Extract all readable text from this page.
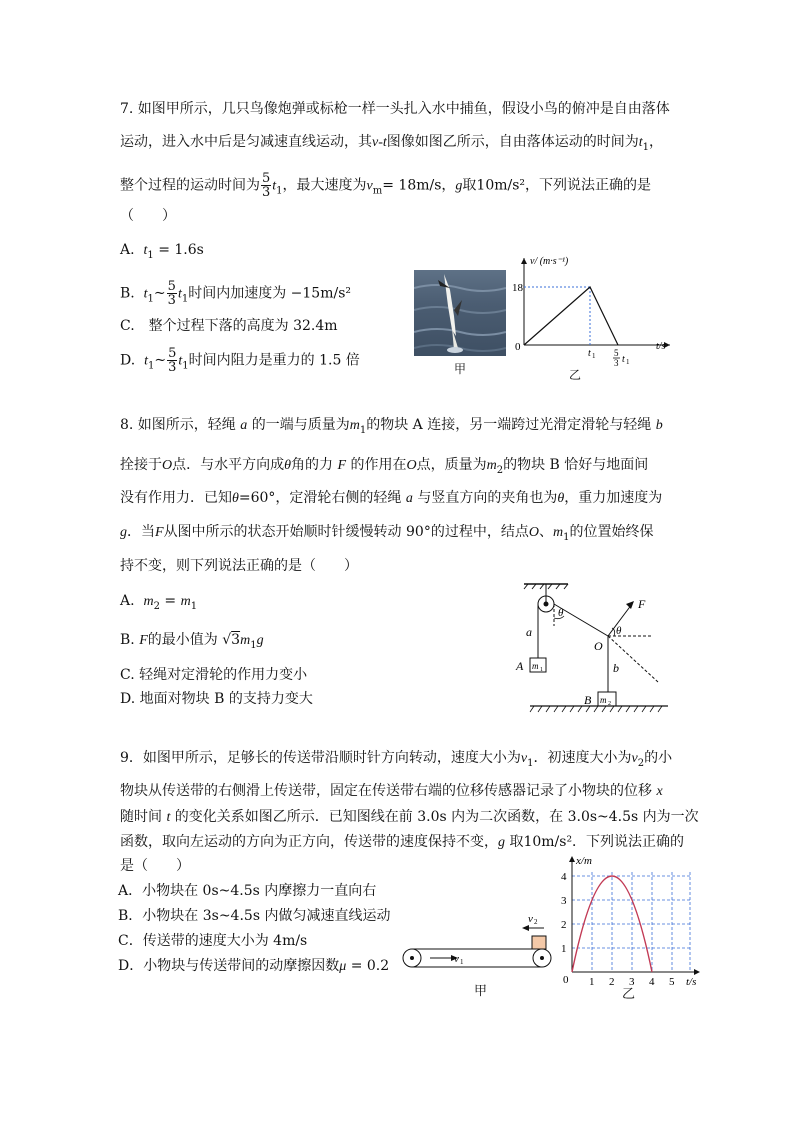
7. 如图甲所示，几只鸟像炮弹或标枪一样一头扎入水中捕鱼，假设小鸟的俯冲是自由落体
运动，进入水中后是匀减速直线运动，其v-t图像如图乙所示，自由落体运动的时间为$t_1$，
整个过程的运动时间为 $\frac{5}{3} t_1$，最大速度为$v_m= 18m/s$，g取10m/s²，下列说法正确的是
（　　）
A. $t_1 = 1.6s$
B. $t_1\sim \frac{5}{3} t_1$时间内加速度为 −15m/s²
C.　整个过程下落的高度为 32.4m
D. $t_1\sim \frac{5}{3} t_1$时间内阻力是重力的 1.5 倍
甲
v/ (m·s⁻¹)
18
0
t 1 5
3 t 1
t/s
乙
8. 如图所示，轻绳 a 的一端与质量为$m_1$的物块 A 连接，另一端跨过光滑定滑轮与轻绳 b
拴接于O点．与水平方向成θ角的力 F 的作用在O点，质量为$m_2$的物块 B 恰好与地面间
没有作用力．已知θ=60°，定滑轮右侧的轻绳 a 与竖直方向的夹角也为θ，重力加速度为
g．当F从图中所示的状态开始顺时针缓慢转动 90°的过程中，结点O、$m_1$的位置始终保
持不变，则下列说法正确的是（　　）
A. $m_2 = m_1$
B. F的最小值为 $√3m_1g$
C. 轻绳对定滑轮的作用力变小
D. 地面对物块 B 的支持力变大
a
m 1
A
θ
F
θ
O
b
m 2
B
9．如图甲所示，足够长的传送带沿顺时针方向转动，速度大小为$v_1$．初速度大小为$v_2$的小
物块从传送带的右侧滑上传送带，固定在传送带右端的位移传感器记录了小物块的位移 x
随时间 t 的变化关系如图乙所示．已知图线在前 3.0s 内为二次函数，在 3.0s~4.5s 内为一次
函数，取向左运动的方向为正方向，传送带的速度保持不变，g 取10m/s²．下列说法正确的
是（　　）
A．小物块在 0s~4.5s 内摩擦力一直向右
B．小物块在 3s~4.5s 内做匀减速直线运动
C．传送带的速度大小为 4m/s
D．小物块与传送带间的动摩擦因数μ = 0.2	v 1
v 2
甲
x/m
1
2
3
4
0 1 2 3 4 5 t/s
乙
